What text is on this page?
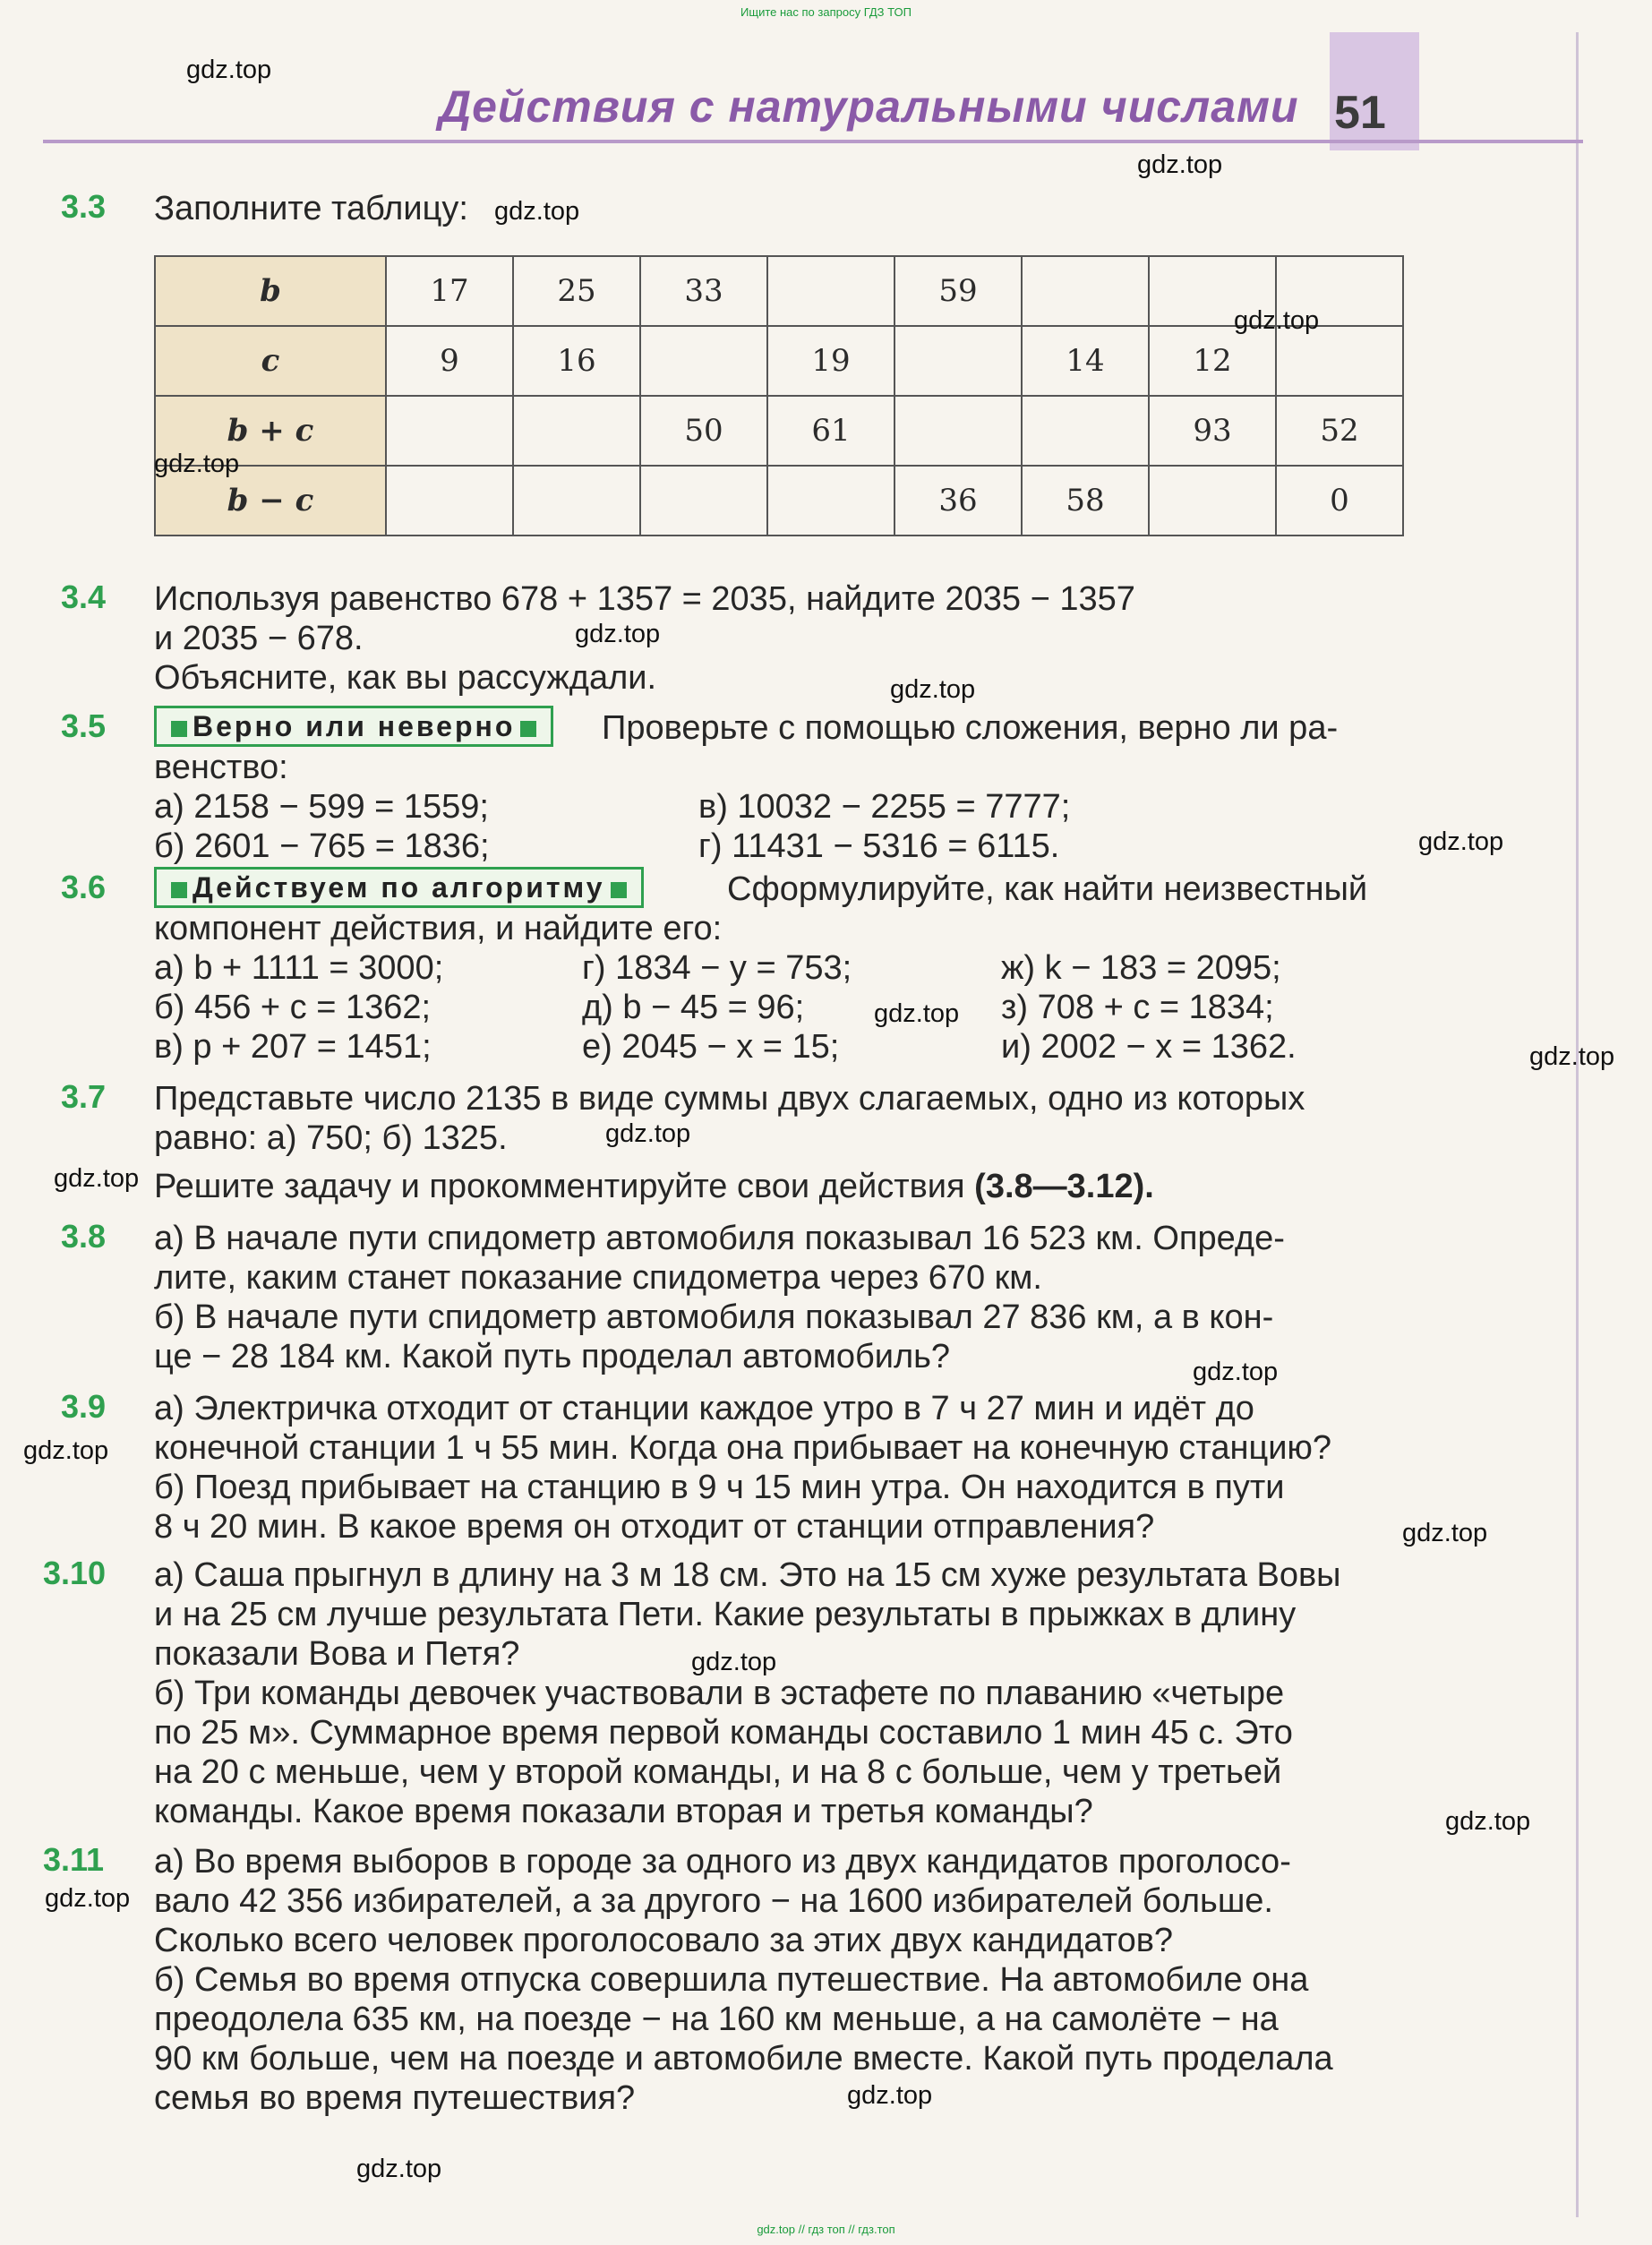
Ищите нас по запросу ГДЗ ТОП
gdz.top // гдз топ // гдз.топ
Действия с натуральными числами 51
3.3 Заполните таблицу:
b	17	25	33		59			
c	9	16		19		14	12	
b + c			50	61			93	52
b − c					36	58		0
3.4 Используя равенство 678 + 1357 = 2035, найдите 2035 − 1357
и 2035 − 678.
Объясните, как вы рассуждали.
3.5	Верно или неверно	Проверьте с помощью сложения, верно ли ра-
венство:
а) 2158 − 599 = 1559;
б) 2601 − 765 = 1836;
в) 10032 − 2255 = 7777;
г) 11431 − 5316 = 6115.
3.6	Действуем по алгоритму	Сформулируйте, как найти неизвестный
компонент действия, и найдите его:
а) b + 1111 = 3000;
б) 456 + c = 1362;
в) p + 207 = 1451;
г) 1834 − y = 753;
д) b − 45 = 96;
е) 2045 − x = 15;
ж) k − 183 = 2095;
з) 708 + c = 1834;
и) 2002 − x = 1362.
3.7 Представьте число 2135 в виде суммы двух слагаемых, одно из которых
равно: а) 750; б) 1325.
Решите задачу и прокомментируйте свои действия (3.8—3.12).
3.8 а) В начале пути спидометр автомобиля показывал 16 523 км. Опреде-
лите, каким станет показание спидометра через 670 км.
б) В начале пути спидометр автомобиля показывал 27 836 км, а в кон-
це − 28 184 км. Какой путь проделал автомобиль?
3.9 а) Электричка отходит от станции каждое утро в 7 ч 27 мин и идёт до
конечной станции 1 ч 55 мин. Когда она прибывает на конечную станцию?
б) Поезд прибывает на станцию в 9 ч 15 мин утра. Он находится в пути
8 ч 20 мин. В какое время он отходит от станции отправления?
3.10 а) Саша прыгнул в длину на 3 м 18 см. Это на 15 см хуже результата Вовы
и на 25 см лучше результата Пети. Какие результаты в прыжках в длину
показали Вова и Петя?
б) Три команды девочек участвовали в эстафете по плаванию «четыре
по 25 м». Суммарное время первой команды составило 1 мин 45 с. Это
на 20 с меньше, чем у второй команды, и на 8 с больше, чем у третьей
команды. Какое время показали вторая и третья команды?
3.11 а) Во время выборов в городе за одного из двух кандидатов проголосо-
вало 42 356 избирателей, а за другого − на 1600 избирателей больше.
Сколько всего человек проголосовало за этих двух кандидатов?
б) Семья во время отпуска совершила путешествие. На автомобиле она
преодолела 635 км, на поезде − на 160 км меньше, а на самолёте − на
90 км больше, чем на поезде и автомобиле вместе. Какой путь проделала
семья во время путешествия?
gdz.top
gdz.top
gdz.top
gdz.top
gdz.top
gdz.top
gdz.top
gdz.top
gdz.top
gdz.top
gdz.top
gdz.top
gdz.top
gdz.top
gdz.top
gdz.top
gdz.top
gdz.top
gdz.top
gdz.top
